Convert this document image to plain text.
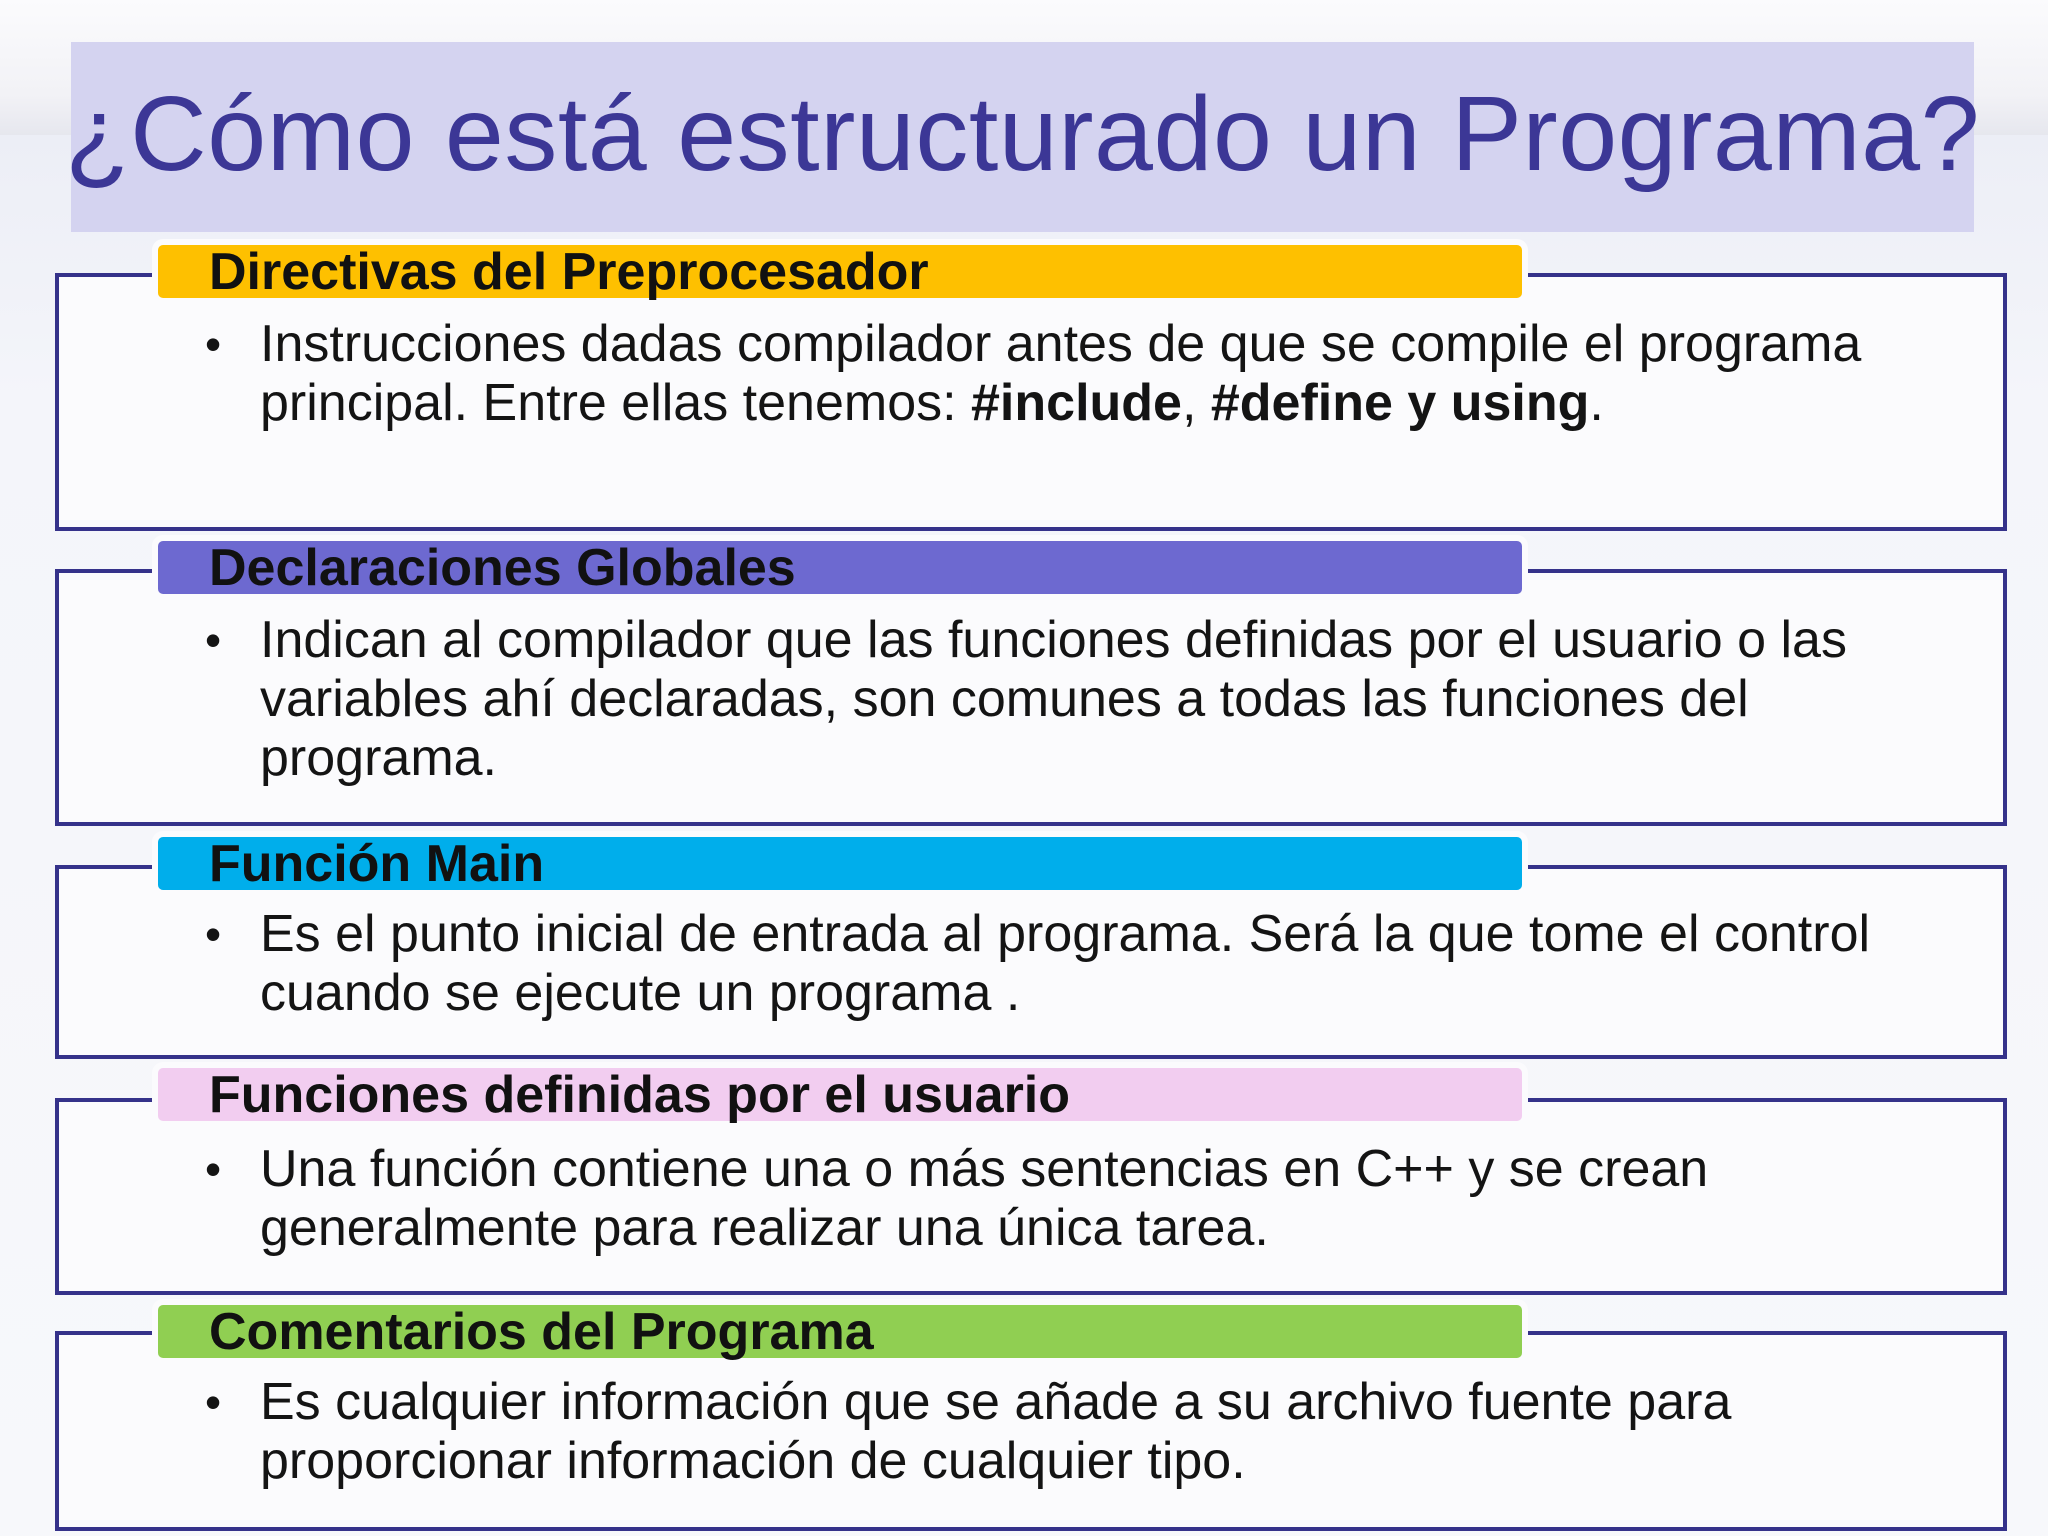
¿Cómo está estructurado un Programa?
Directivas del Preprocesador
• Instrucciones dadas compilador antes de que se compile el programa principal. Entre ellas tenemos: #include, #define y using.
Declaraciones Globales
• Indican al compilador que las funciones definidas por el usuario o las variables ahí declaradas, son comunes a todas las funciones del programa.
Función Main
• Es el punto inicial de entrada al programa. Será la que tome el control cuando se ejecute un programa .
Funciones definidas por el usuario
• Una función contiene una o más sentencias en C++ y se crean generalmente para realizar una única tarea.
Comentarios del Programa
• Es cualquier información que se añade a su archivo fuente para proporcionar información de cualquier tipo.
